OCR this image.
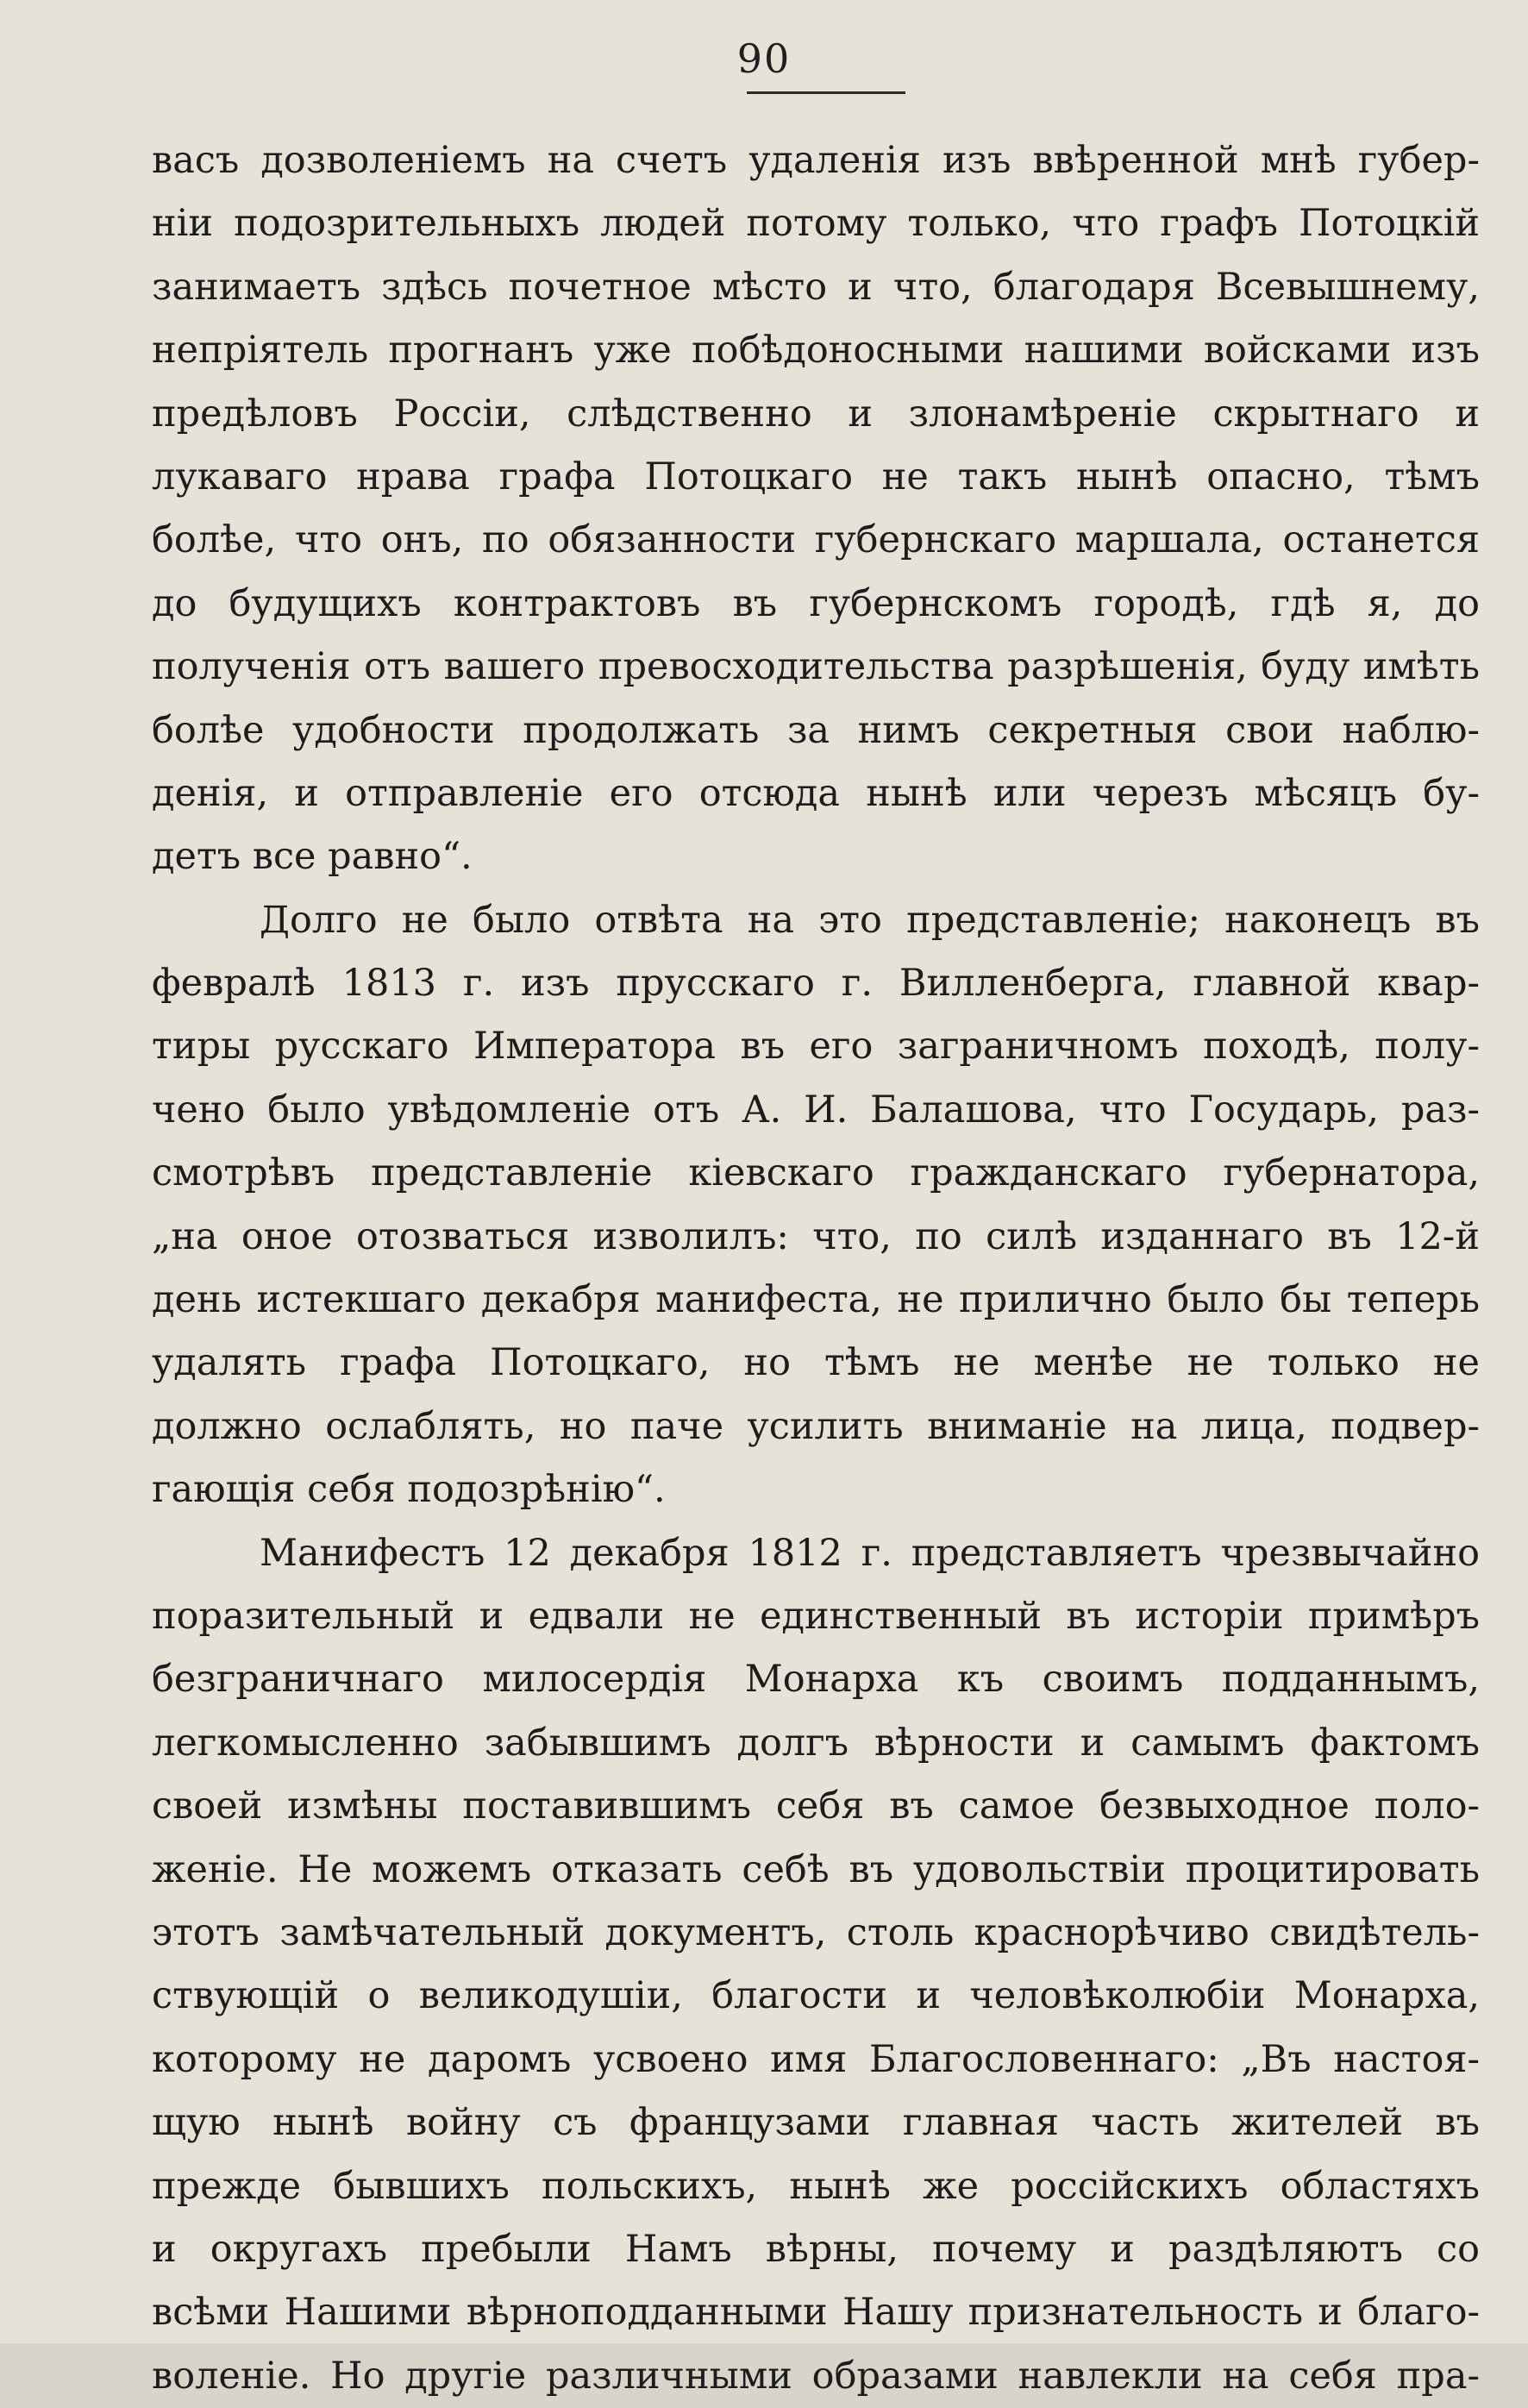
90
васъ дозволеніемъ на счетъ удаленія изъ ввѣренной мнѣ губер-
ніи подозрительныхъ людей потому только, что графъ Потоцкій
занимаетъ здѣсь почетное мѣсто и что, благодаря Всевышнему,
непріятель прогнанъ уже побѣдоносными нашими войсками изъ
предѣловъ Россіи, слѣдственно и злонамѣреніе скрытнаго и
лукаваго нрава графа Потоцкаго не такъ нынѣ опасно, тѣмъ
болѣе, что онъ, по обязанности губернскаго маршала, останется
до будущихъ контрактовъ въ губернскомъ городѣ, гдѣ я, до
полученія отъ вашего превосходительства разрѣшенія, буду имѣть
болѣе удобности продолжать за нимъ секретныя свои наблю-
денія, и отправленіе его отсюда нынѣ или черезъ мѣсяцъ бу-
детъ все равно“.
Долго не было отвѣта на это представленіе; наконецъ въ
февралѣ 1813 г. изъ прусскаго г. Вилленберга, главной квар-
тиры русскаго Императора въ его заграничномъ походѣ, полу-
чено было увѣдомленіе отъ А. И. Балашова, что Государь, раз-
смотрѣвъ представленіе кіевскаго гражданскаго губернатора,
„на оное отозваться изволилъ: что, по силѣ изданнаго въ 12-й
день истекшаго декабря манифеста, не прилично было бы теперь
удалять графа Потоцкаго, но тѣмъ не менѣе не только не
должно ослаблять, но паче усилить вниманіе на лица, подвер-
гающія себя подозрѣнію“.
Манифестъ 12 декабря 1812 г. представляетъ чрезвычайно
поразительный и едвали не единственный въ исторіи примѣръ
безграничнаго милосердія Монарха къ своимъ подданнымъ,
легкомысленно забывшимъ долгъ вѣрности и самымъ фактомъ
своей измѣны поставившимъ себя въ самое безвыходное поло-
женіе. Не можемъ отказать себѣ въ удовольствіи процитировать
этотъ замѣчательный документъ, столь краснорѣчиво свидѣтель-
ствующій о великодушіи, благости и человѣколюбіи Монарха,
которому не даромъ усвоено имя Благословеннаго: „Въ настоя-
щую нынѣ войну съ французами главная часть жителей въ
прежде бывшихъ польскихъ, нынѣ же россійскихъ областяхъ
и округахъ пребыли Намъ вѣрны, почему и раздѣляютъ со
всѣми Нашими вѣрноподданными Нашу признательность и благо-
воленіе. Но другіе различными образами навлекли на себя пра-
